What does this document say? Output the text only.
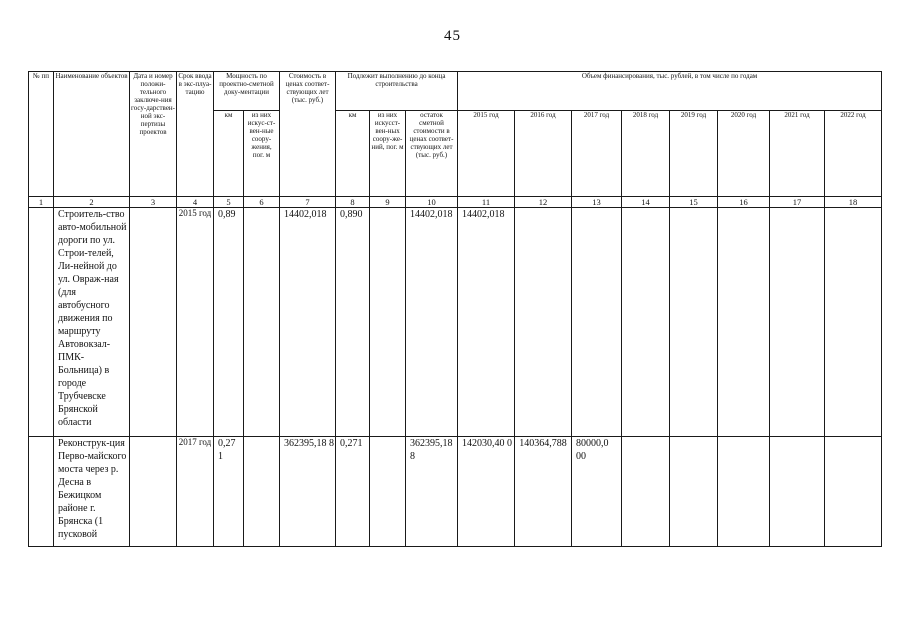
45
№ пп	Наименование объектов	Дата и номер положи-тельного заключе-ния госу-дарствен-ной экс-пертизы проектов	Срок ввода в экс-плуа-тацию	Мощность по проектно-сметной доку-ментации		Стоимость в ценах соответ-ствующих лет (тыс. руб.)	Подлежит выполнению до конца строительства			Объем финансирования, тыс. рублей, в том числе по годам							
				км	из них искус-ст-вен-ные соору-жения, пог. м		км	из них искусст-вен-ных соору-же-ний, пог. м	остаток сметной стоимости в ценах соответ-ствующих лет (тыс. руб.)	2015 год	2016 год	2017 год	2018 год	2019 год	2020 год	2021 год	2022 год

1	2	3	4	5	6	7	8	9	10	11	12	13	14	15	16	17	18
	Строитель-ство авто-мобильной дороги по ул. Строи-телей, Ли-нейной до ул. Овраж-ная (для автобусного движения по маршруту Автовокзал-ПМК-Больница) в городе Трубчевске Брянской области		2015 год	0,89		14402,018	0,890		14402,018	14402,018							
	Реконструк-ция Перво-майского моста через р. Десна в Бежицком районе г. Брянска (1 пусковой		2017 год	0,27 1		362395,18 8	0,271		362395,18 8	142030,40 0	140364,788	80000,0 00					
